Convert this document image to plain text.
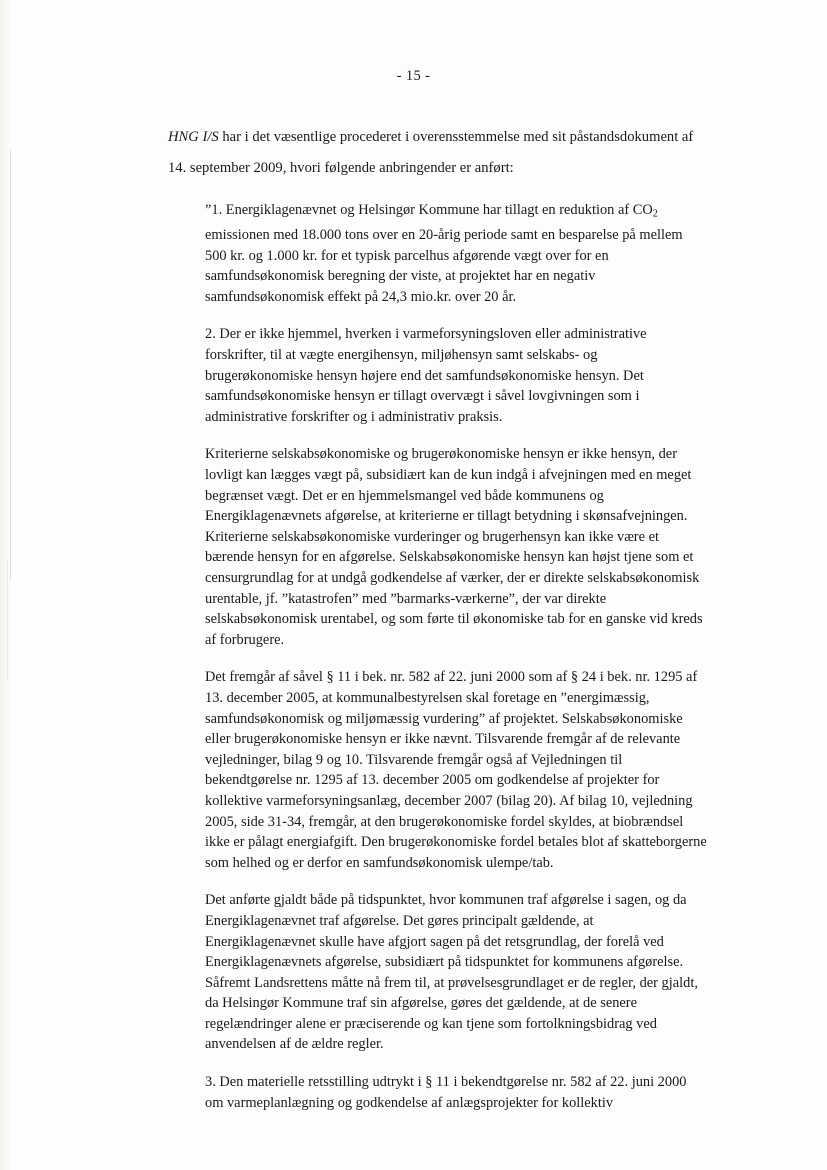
- 15 -
HNG I/S har i det væsentlige procederet i overensstemmelse med sit påstandsdokument af
14. september 2009, hvori følgende anbringender er anført:

”1. Energiklagenævnet og Helsingør Kommune har tillagt en reduktion af $CO_2$ emissionen med 18.000 tons over en 20-årig periode samt en besparelse på mellem 500 kr. og 1.000 kr. for et typisk parcelhus afgørende vægt over for en samfundsøkonomisk beregning der viste, at projektet har en negativ samfundsøkonomisk effekt på 24,3 mio.kr. over 20 år.

2. Der er ikke hjemmel, hverken i varmeforsyningsloven eller administrative forskrifter, til at vægte energihensyn, miljøhensyn samt selskabs- og brugerøkonomiske hensyn højere end det samfundsøkonomiske hensyn. Det samfundsøkonomiske hensyn er tillagt overvægt i såvel lovgivningen som i administrative forskrifter og i administrativ praksis.

Kriterierne selskabsøkonomiske og brugerøkonomiske hensyn er ikke hensyn, der lovligt kan lægges vægt på, subsidiært kan de kun indgå i afvejningen med en meget begrænset vægt. Det er en hjemmelsmangel ved både kommunens og Energiklagenævnets afgørelse, at kriterierne er tillagt betydning i skønsafvejningen. Kriterierne selskabsøkonomiske vurderinger og brugerhensyn kan ikke være et bærende hensyn for en afgørelse. Selskabsøkonomiske hensyn kan højst tjene som et censurgrundlag for at undgå godkendelse af værker, der er direkte selskabsøkonomisk urentable, jf. ”katastrofen” med ”barmarks-værkerne”, der var direkte selskabsøkonomisk urentabel, og som førte til økonomiske tab for en ganske vid kreds af forbrugere.

Det fremgår af såvel § 11 i bek. nr. 582 af 22. juni 2000 som af § 24 i bek. nr. 1295 af 13. december 2005, at kommunalbestyrelsen skal foretage en ”energimæssig, samfundsøkonomisk og miljømæssig vurdering” af projektet. Selskabsøkonomiske eller brugerøkonomiske hensyn er ikke nævnt. Tilsvarende fremgår af de relevante vejledninger, bilag 9 og 10. Tilsvarende fremgår også af Vejledningen til bekendtgørelse nr. 1295 af 13. december 2005 om godkendelse af projekter for kollektive varmeforsyningsanlæg, december 2007 (bilag 20). Af bilag 10, vejledning 2005, side 31-34, fremgår, at den brugerøkonomiske fordel skyldes, at biobrændsel ikke er pålagt energiafgift. Den brugerøkonomiske fordel betales blot af skatteborgerne som helhed og er derfor en samfundsøkonomisk ulempe/tab.

Det anførte gjaldt både på tidspunktet, hvor kommunen traf afgørelse i sagen, og da Energiklagenævnet traf afgørelse. Det gøres principalt gældende, at Energiklagenævnet skulle have afgjort sagen på det retsgrundlag, der forelå ved Energiklagenævnets afgørelse, subsidiært på tidspunktet for kommunens afgørelse. Såfremt Landsrettens måtte nå frem til, at prøvelsesgrundlaget er de regler, der gjaldt, da Helsingør Kommune traf sin afgørelse, gøres det gældende, at de senere regelændringer alene er præciserende og kan tjene som fortolkningsbidrag ved anvendelsen af de ældre regler.

3. Den materielle retsstilling udtrykt i § 11 i bekendtgørelse nr. 582 af 22. juni 2000 om varmeplanlægning og godkendelse af anlægsprojekter for kollektiv
